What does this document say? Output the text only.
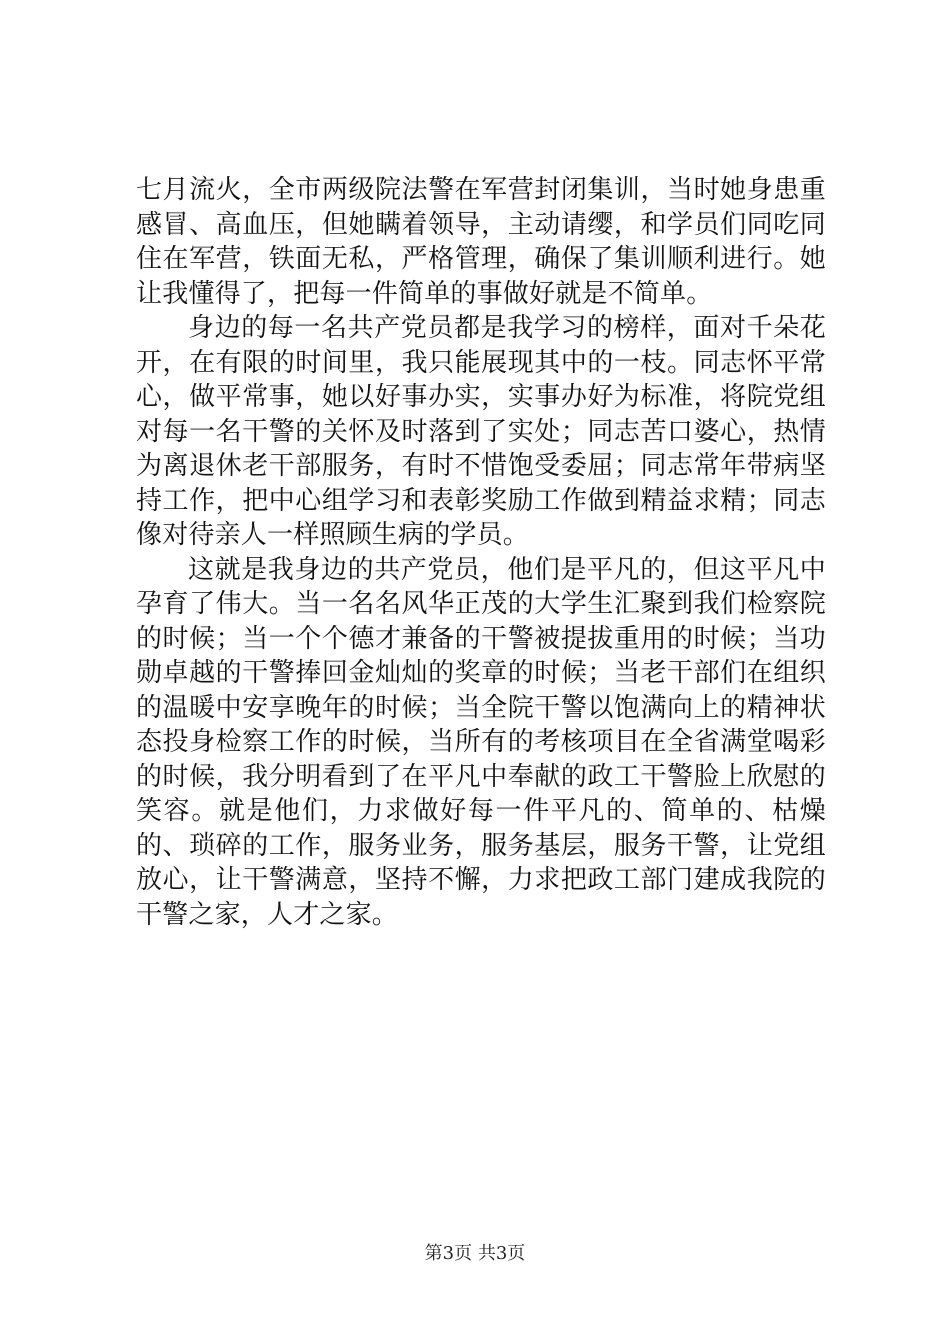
七月流火，全市两级院法警在军营封闭集训，当时她身患重感冒、高血压，但她瞒着领导，主动请缨，和学员们同吃同住在军营，铁面无私，严格管理，确保了集训顺利进行。她让我懂得了，把每一件简单的事做好就是不简单。

身边的每一名共产党员都是我学习的榜样，面对千朵花开，在有限的时间里，我只能展现其中的一枝。同志怀平常心，做平常事，她以好事办实，实事办好为标准，将院党组对每一名干警的关怀及时落到了实处；同志苦口婆心，热情为离退休老干部服务，有时不惜饱受委屈；同志常年带病坚持工作，把中心组学习和表彰奖励工作做到精益求精；同志像对待亲人一样照顾生病的学员。

这就是我身边的共产党员，他们是平凡的，但这平凡中孕育了伟大。当一名名风华正茂的大学生汇聚到我们检察院的时候；当一个个德才兼备的干警被提拔重用的时候；当功勋卓越的干警捧回金灿灿的奖章的时候；当老干部们在组织的温暖中安享晚年的时候；当全院干警以饱满向上的精神状态投身检察工作的时候，当所有的考核项目在全省满堂喝彩的时候，我分明看到了在平凡中奉献的政工干警脸上欣慰的笑容。就是他们，力求做好每一件平凡的、简单的、枯燥的、琐碎的工作，服务业务，服务基层，服务干警，让党组放心，让干警满意，坚持不懈，力求把政工部门建成我院的干警之家，人才之家。

第3页 共3页
